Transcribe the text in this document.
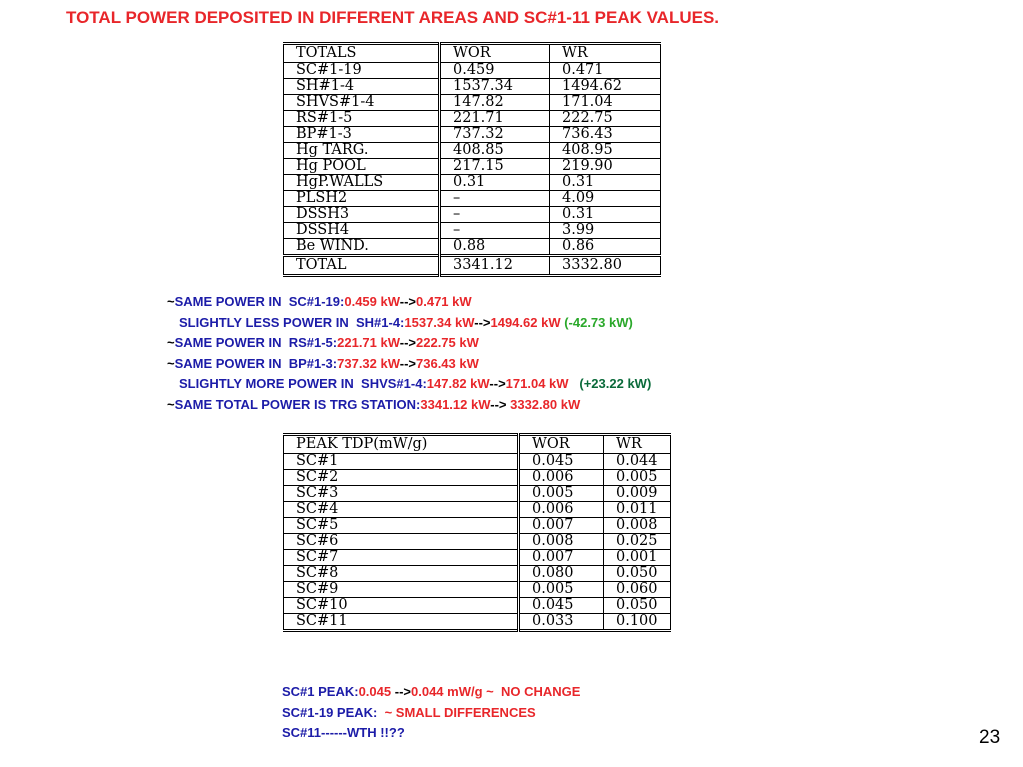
TOTAL POWER DEPOSITED IN DIFFERENT AREAS AND SC#1-11 PEAK VALUES.
TOTALS	WOR	WR
SC#1-19	0.459	0.471
SH#1-4	1537.34	1494.62
SHVS#1-4	147.82	171.04
RS#1-5	221.71	222.75
BP#1-3	737.32	736.43
Hg TARG.	408.85	408.95
Hg POOL	217.15	219.90
HgP.WALLS	0.31	0.31
PLSH2	–	4.09
DSSH3	–	0.31
DSSH4	–	3.99
Be WIND.	0.88	0.86
TOTAL	3341.12	3332.80
~SAME POWER IN  SC#1-19:0.459 kW-->0.471 kW
SLIGHTLY LESS POWER IN  SH#1-4:1537.34 kW-->1494.62 kW (-42.73 kW)
~SAME POWER IN  RS#1-5:221.71 kW-->222.75 kW
~SAME POWER IN  BP#1-3:737.32 kW-->736.43 kW
SLIGHTLY MORE POWER IN  SHVS#1-4:147.82 kW-->171.04 kW   (+23.22 kW)
~SAME TOTAL POWER IS TRG STATION:3341.12 kW--> 3332.80 kW
PEAK TDP(mW/g)	WOR	WR
SC#1	0.045	0.044
SC#2	0.006	0.005
SC#3	0.005	0.009
SC#4	0.006	0.011
SC#5	0.007	0.008
SC#6	0.008	0.025
SC#7	0.007	0.001
SC#8	0.080	0.050
SC#9	0.005	0.060
SC#10	0.045	0.050
SC#11	0.033	0.100
SC#1 PEAK:0.045 -->0.044 mW/g ~  NO CHANGE
SC#1-19 PEAK:  ~ SMALL DIFFERENCES
SC#11------WTH !!??	23
